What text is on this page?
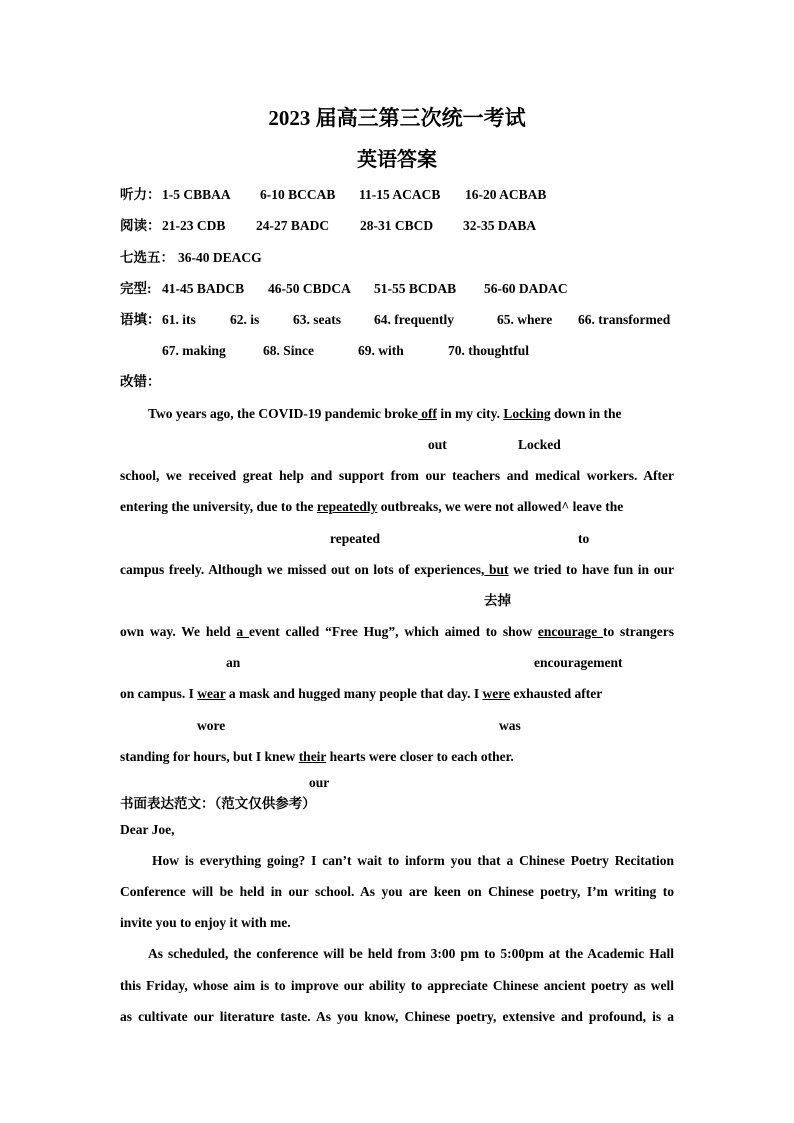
2023 届高三第三次统一考试
英语答案
听力： 1-5 CBBAA 6-10 BCCAB 11-15 ACACB 16-20 ACBAB
阅读： 21-23 CDB 24-27 BADC 28-31 CBCD 32-35 DABA
七选五： 36-40 DEACG
完型: 41-45 BADCB 46-50 CBDCA 51-55 BCDAB 56-60 DADAC
语填： 61. its	62. is 63. seats 64. frequently	65. where 66. transformed
67. making	68. Since	69. with	70. thoughtful
改错：
Two years ago, the COVID-19 pandemic broke off in my city. Locking down in the
out	Locked
school, we received great help and support from our teachers and medical workers. After
entering the university, due to the repeatedly outbreaks, we were not allowed^ leave the
repeated	to
campus freely. Although we missed out on lots of experiences, but we tried to have fun in our
去掉
own way. We held a event called “Free Hug”, which aimed to show encourage to strangers
an	encouragement
on campus. I wear a mask and hugged many people that day. I were exhausted after
wore	was
standing for hours, but I knew their hearts were closer to each other.
our
书面表达范文：（范文仅供参考）
Dear Joe,
How is everything going? I can’t wait to inform you that a Chinese Poetry Recitation
Conference will be held in our school. As you are keen on Chinese poetry, I’m writing to
invite you to enjoy it with me.
As scheduled, the conference will be held from 3:00 pm to 5:00pm at the Academic Hall
this Friday, whose aim is to improve our ability to appreciate Chinese ancient poetry as well
as cultivate our literature taste. As you know, Chinese poetry, extensive and profound, is a
